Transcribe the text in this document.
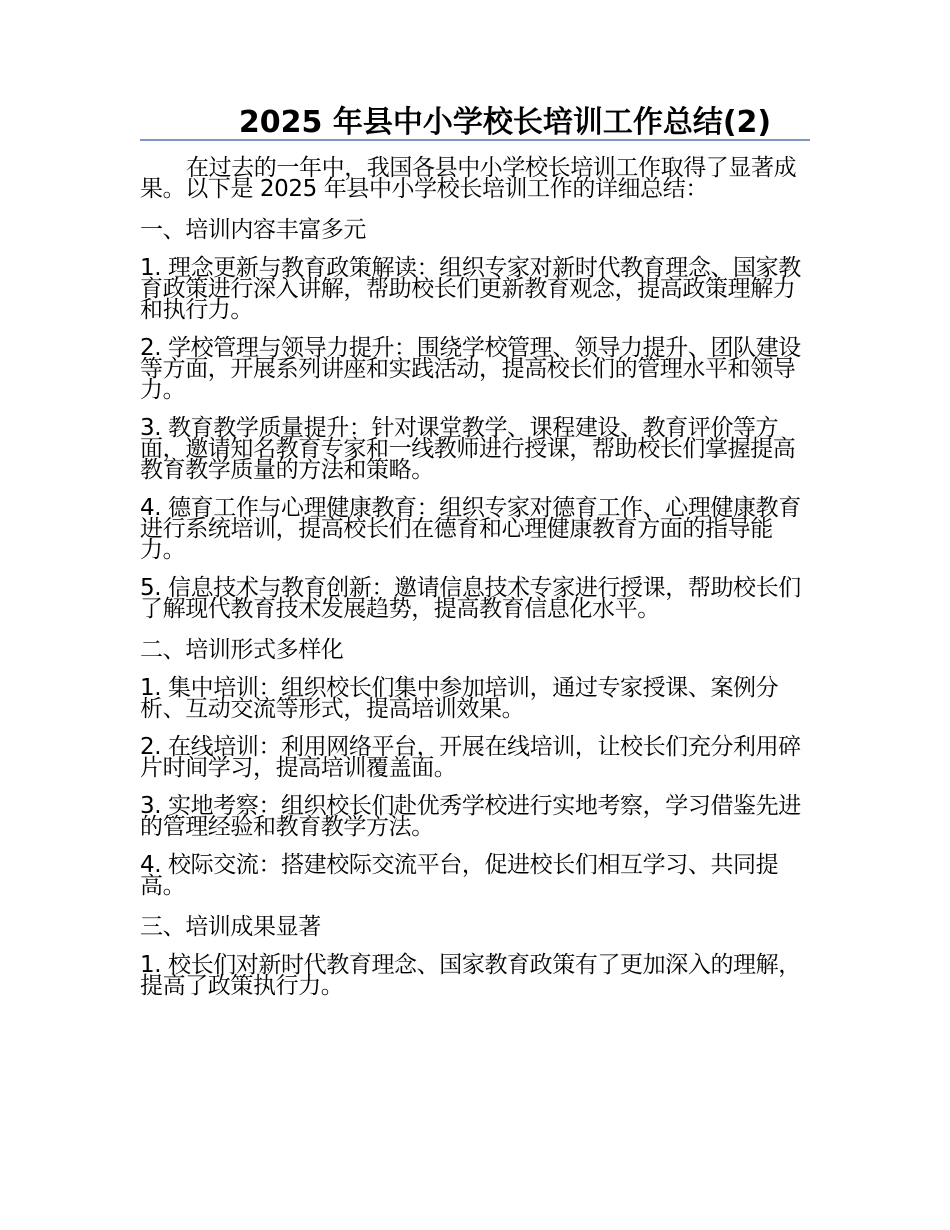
2025 年县中小学校长培训工作总结(2)

在过去的一年中，我国各县中小学校长培训工作取得了显著成果。以下是 2025 年县中小学校长培训工作的详细总结：

一、培训内容丰富多元

1. 理念更新与教育政策解读：组织专家对新时代教育理念、国家教育政策进行深入讲解，帮助校长们更新教育观念，提高政策理解力和执行力。

2. 学校管理与领导力提升：围绕学校管理、领导力提升、团队建设等方面，开展系列讲座和实践活动，提高校长们的管理水平和领导力。

3. 教育教学质量提升：针对课堂教学、课程建设、教育评价等方面，邀请知名教育专家和一线教师进行授课，帮助校长们掌握提高教育教学质量的方法和策略。

4. 德育工作与心理健康教育：组织专家对德育工作、心理健康教育进行系统培训，提高校长们在德育和心理健康教育方面的指导能力。

5. 信息技术与教育创新：邀请信息技术专家进行授课，帮助校长们了解现代教育技术发展趋势，提高教育信息化水平。

二、培训形式多样化

1. 集中培训：组织校长们集中参加培训，通过专家授课、案例分析、互动交流等形式，提高培训效果。

2. 在线培训：利用网络平台，开展在线培训，让校长们充分利用碎片时间学习，提高培训覆盖面。

3. 实地考察：组织校长们赴优秀学校进行实地考察，学习借鉴先进的管理经验和教育教学方法。

4. 校际交流：搭建校际交流平台，促进校长们相互学习、共同提高。

三、培训成果显著

1. 校长们对新时代教育理念、国家教育政策有了更加深入的理解，提高了政策执行力。
